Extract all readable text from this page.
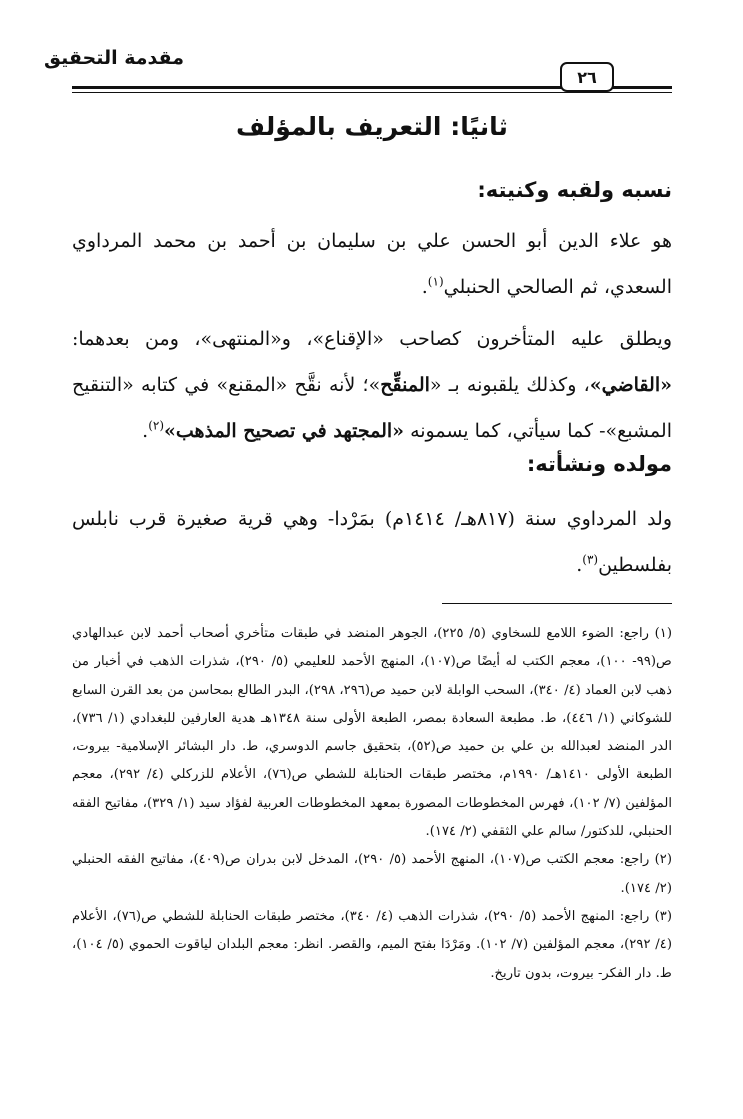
مقدمة التحقيق
٢٦
ثانيًا: التعريف بالمؤلف
نسبه ولقبه وكنيته:

هو علاء الدين أبو الحسن علي بن سليمان بن أحمد بن محمد المرداوي السعدي، ثم الصالحي الحنبلي$^{(١)}$.

ويطلق عليه المتأخرون كصاحب «الإقناع»، و«المنتهى»، ومن بعدهما: «القاضي»، وكذلك يلقبونه بـ «المنقِّح»؛ لأنه نقَّح «المقنع» في كتابه «التنقيح المشبع»- كما سيأتي، كما يسمونه «المجتهد في تصحيح المذهب»$^{(٢)}$.

مولده ونشأته:

ولد المرداوي سنة (٨١٧هـ/ ١٤١٤م) بمَرْدا- وهي قرية صغيرة قرب نابلس بفلسطين$^{(٣)}$.

(١) راجع: الضوء اللامع للسخاوي (٥/ ٢٢٥)، الجوهر المنضد في طبقات متأخري أصحاب أحمد لابن عبدالهادي ص(٩٩- ١٠٠)، معجم الكتب له أيضًا ص(١٠٧)، المنهج الأحمد للعليمي (٥/ ٢٩٠)، شذرات الذهب في أخبار من ذهب لابن العماد (٤/ ٣٤٠)، السحب الوابلة لابن حميد ص(٢٩٦، ٢٩٨)، البدر الطالع بمحاسن من بعد القرن السابع للشوكاني (١/ ٤٤٦)، ط. مطبعة السعادة بمصر، الطبعة الأولى سنة ١٣٤٨هـ هدية العارفين للبغدادي (١/ ٧٣٦)، الدر المنضد لعبدالله بن علي بن حميد ص(٥٢)، بتحقيق جاسم الدوسري، ط. دار البشائر الإسلامية- بيروت، الطبعة الأولى ١٤١٠هـ/ ١٩٩٠م، مختصر طبقات الحنابلة للشطي ص(٧٦)، الأعلام للزركلي (٤/ ٢٩٢)، معجم المؤلفين (٧/ ١٠٢)، فهرس المخطوطات المصورة بمعهد المخطوطات العربية لفؤاد سيد (١/ ٣٢٩)، مفاتيح الفقه الحنبلي، للدكتور/ سالم علي الثقفي (٢/ ١٧٤).

(٢) راجع: معجم الكتب ص(١٠٧)، المنهج الأحمد (٥/ ٢٩٠)، المدخل لابن بدران ص(٤٠٩)، مفاتيح الفقه الحنبلي (٢/ ١٧٤).

(٣) راجع: المنهج الأحمد (٥/ ٢٩٠)، شذرات الذهب (٤/ ٣٤٠)، مختصر طبقات الحنابلة للشطي ص(٧٦)، الأعلام (٤/ ٢٩٢)، معجم المؤلفين (٧/ ١٠٢). ومَرْدَا بفتح الميم، والقصر. انظر: معجم البلدان لياقوت الحموي (٥/ ١٠٤)، ط. دار الفكر- بيروت، بدون تاريخ.
